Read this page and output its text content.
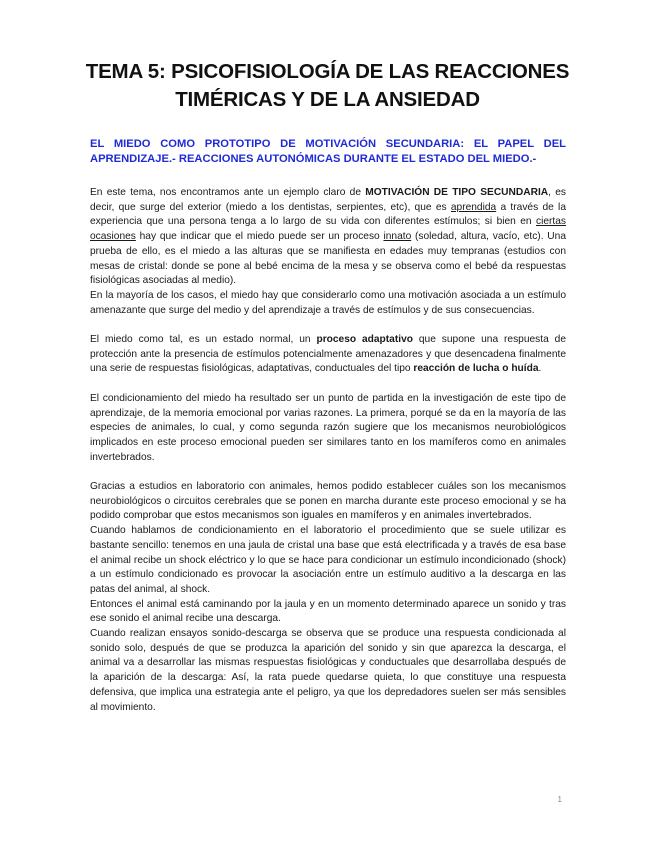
TEMA 5: PSICOFISIOLOGÍA DE LAS REACCIONES
TIMÉRICAS Y DE LA ANSIEDAD
EL MIEDO COMO PROTOTIPO DE MOTIVACIÓN SECUNDARIA: EL PAPEL DEL APRENDIZAJE.- REACCIONES AUTONÓMICAS DURANTE EL ESTADO DEL MIEDO.-

En este tema, nos encontramos ante un ejemplo claro de MOTIVACIÓN DE TIPO SECUNDARIA, es decir, que surge del exterior (miedo a los dentistas, serpientes, etc), que es aprendida a través de la experiencia que una persona tenga a lo largo de su vida con diferentes estímulos; si bien en ciertas ocasiones hay que indicar que el miedo puede ser un proceso innato (soledad, altura, vacío, etc). Una prueba de ello, es el miedo a las alturas que se manifiesta en edades muy tempranas (estudios con mesas de cristal: donde se pone al bebé encima de la mesa y se observa como el bebé da respuestas fisiológicas asociadas al medio).

En la mayoría de los casos, el miedo hay que considerarlo como una motivación asociada a un estímulo amenazante que surge del medio y del aprendizaje a través de estímulos y de sus consecuencias.

El miedo como tal, es un estado normal, un proceso adaptativo que supone una respuesta de protección ante la presencia de estímulos potencialmente amenazadores y que desencadena finalmente una serie de respuestas fisiológicas, adaptativas, conductuales del tipo reacción de lucha o huída.

El condicionamiento del miedo ha resultado ser un punto de partida en la investigación de este tipo de aprendizaje, de la memoria emocional por varias razones. La primera, porqué se da en la mayoría de las especies de animales, lo cual, y como segunda razón sugiere que los mecanismos neurobiológicos implicados en este proceso emocional pueden ser similares tanto en los mamíferos como en animales invertebrados.

Gracias a estudios en laboratorio con animales, hemos podido establecer cuáles son los mecanismos neurobiológicos o circuitos cerebrales que se ponen en marcha durante este proceso emocional y se ha podido comprobar que estos mecanismos son iguales en mamíferos y en animales invertebrados.

Cuando hablamos de condicionamiento en el laboratorio el procedimiento que se suele utilizar es bastante sencillo: tenemos en una jaula de cristal una base que está electrificada y a través de esa base el animal recibe un shock eléctrico y lo que se hace para condicionar un estímulo incondicionado (shock) a un estímulo condicionado es provocar la asociación entre un estímulo auditivo a la descarga en las patas del animal, al shock.

Entonces el animal está caminando por la jaula y en un momento determinado aparece un sonido y tras ese sonido el animal recibe una descarga.

Cuando realizan ensayos sonido-descarga se observa que se produce una respuesta condicionada al sonido solo, después de que se produzca la aparición del sonido y sin que aparezca la descarga, el animal va a desarrollar las mismas respuestas fisiológicas y conductuales que desarrollaba después de la aparición de la descarga: Así, la rata puede quedarse quieta, lo que constituye una respuesta defensiva, que implica una estrategia ante el peligro, ya que los depredadores suelen ser más sensibles al movimiento.

1
